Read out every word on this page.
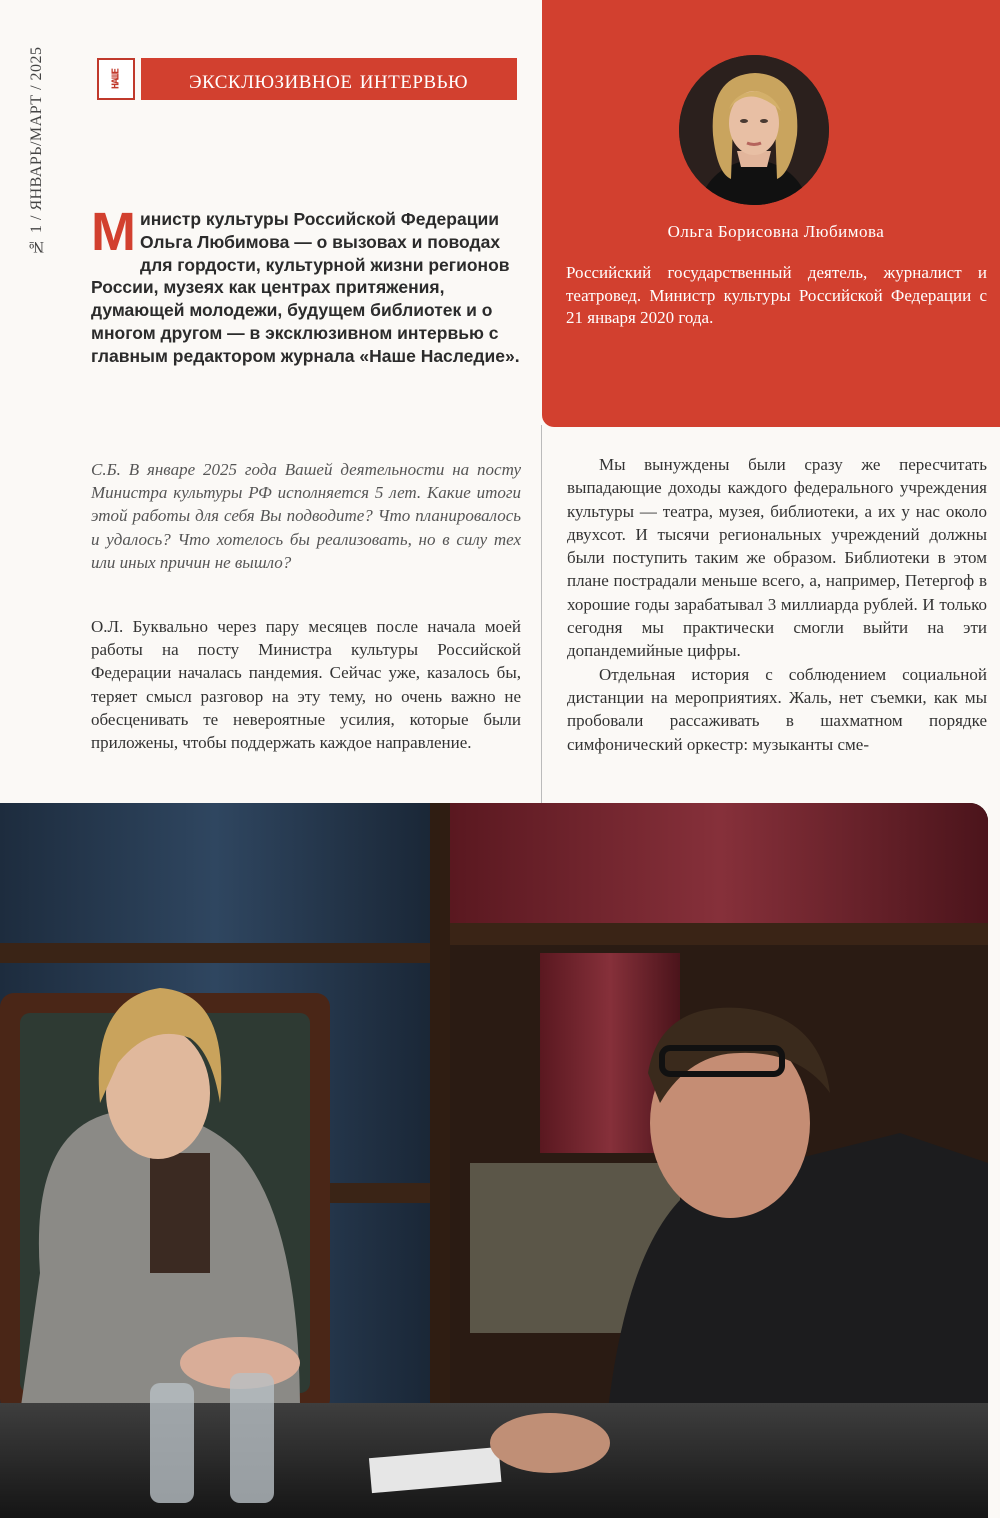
№ 1 / ЯНВАРЬ/МАРТ / 2025	НАШЕ	эксклюзивное интервью
Министр культуры Российской Федерации Ольга Любимова — о вызовах и поводах для гордости, культурной жизни регионов России, музеях как центрах притяжения, думающей молодежи, будущем библиотек и о многом другом — в эксклюзивном интервью с главным редактором журнала «Наше Наследие».
С.Б. В январе 2025 года Вашей деятельности на посту Министра культуры РФ исполняется 5 лет. Какие итоги этой работы для себя Вы подводите? Что планировалось и удалось? Что хотелось бы реализовать, но в силу тех или иных причин не вышло?
О.Л. Буквально через пару месяцев после начала моей работы на посту Министра культуры Российской Федерации началась пандемия. Сейчас уже, казалось бы, теряет смысл разговор на эту тему, но очень важно не обесценивать те невероятные усилия, которые были приложены, чтобы поддержать каждое направление.
Ольга Борисовна Любимова
Российский государственный деятель, журналист и театровед. Министр культуры Российской Федерации с 21 января 2020 года.

Мы вынуждены были сразу же пересчитать выпадающие доходы каждого федерального учреждения культуры — театра, музея, библиотеки, а их у нас около двухсот. И тысячи региональных учреждений должны были поступить таким же образом. Библиотеки в этом плане пострадали меньше всего, а, например, Петергоф в хорошие годы зарабатывал 3 миллиарда рублей. И только сегодня мы практически смогли выйти на эти допандемийные цифры.

Отдельная история с соблюдением социальной дистанции на мероприятиях. Жаль, нет съемки, как мы пробовали рассаживать в шахматном порядке симфонический оркестр: музыканты сме-
